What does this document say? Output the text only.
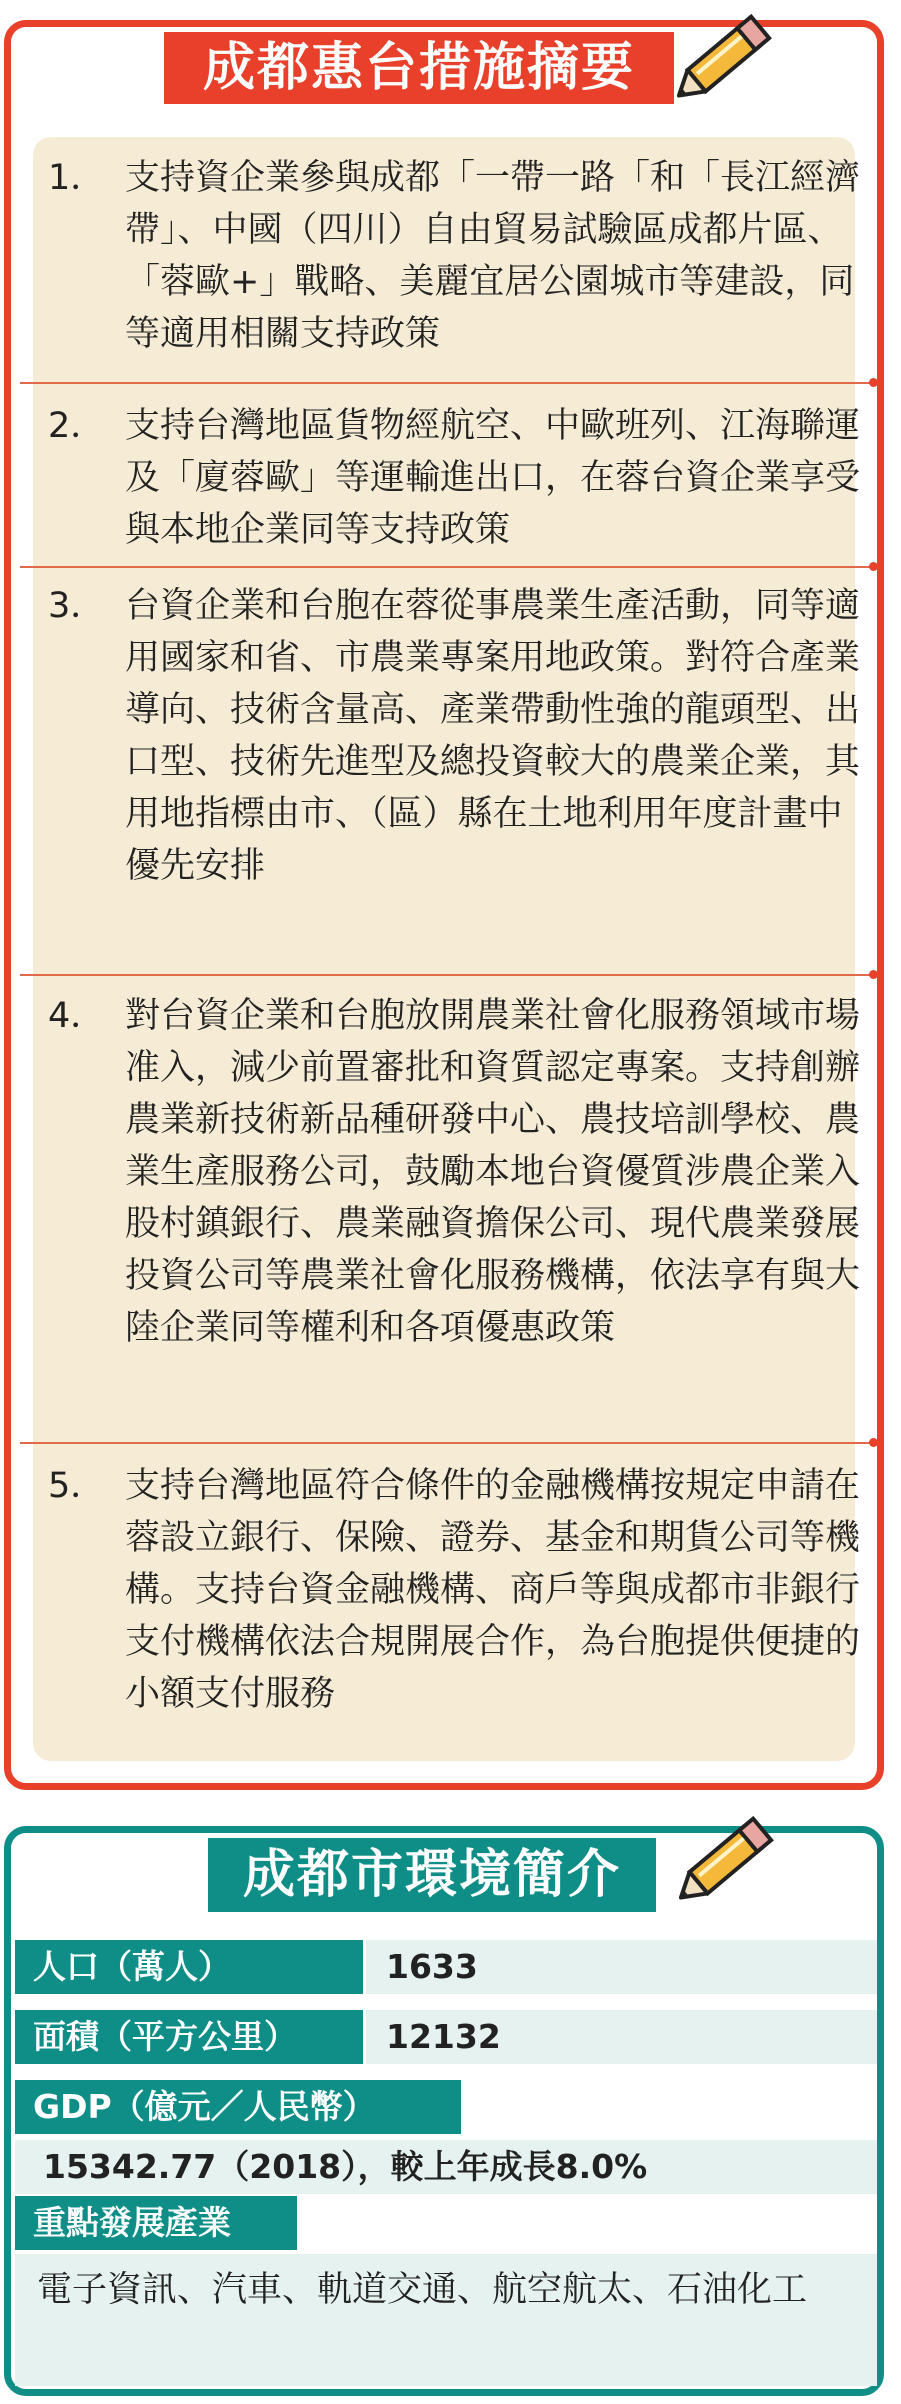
成都惠台措施摘要
1． 支持資企業參與成都「一帶一路「和「長江經濟帶」、中國（四川）自由貿易試驗區成都片區、「蓉歐+」戰略、美麗宜居公園城市等建設，同等適用相關支持政策
2． 支持台灣地區貨物經航空、中歐班列、江海聯運及「廈蓉歐」等運輸進出口，在蓉台資企業享受與本地企業同等支持政策
3． 台資企業和台胞在蓉從事農業生產活動，同等適用國家和省、市農業專案用地政策。對符合產業導向、技術含量高、產業帶動性強的龍頭型、出口型、技術先進型及總投資較大的農業企業，其用地指標由市、（區）縣在土地利用年度計畫中優先安排
4． 對台資企業和台胞放開農業社會化服務領域市場准入，減少前置審批和資質認定專案。支持創辦農業新技術新品種研發中心、農技培訓學校、農業生產服務公司，鼓勵本地台資優質涉農企業入股村鎮銀行、農業融資擔保公司、現代農業發展投資公司等農業社會化服務機構，依法享有與大陸企業同等權利和各項優惠政策
5． 支持台灣地區符合條件的金融機構按規定申請在蓉設立銀行、保險、證券、基金和期貨公司等機構。支持台資金融機構、商戶等與成都市非銀行支付機構依法合規開展合作，為台胞提供便捷的小額支付服務
成都市環境簡介
人口（萬人）	1633
面積（平方公里）	12132
GDP（億元／人民幣）
15342.77（2018），較上年成長8.0%
重點發展產業
電子資訊、汽車、軌道交通、航空航太、石油化工
